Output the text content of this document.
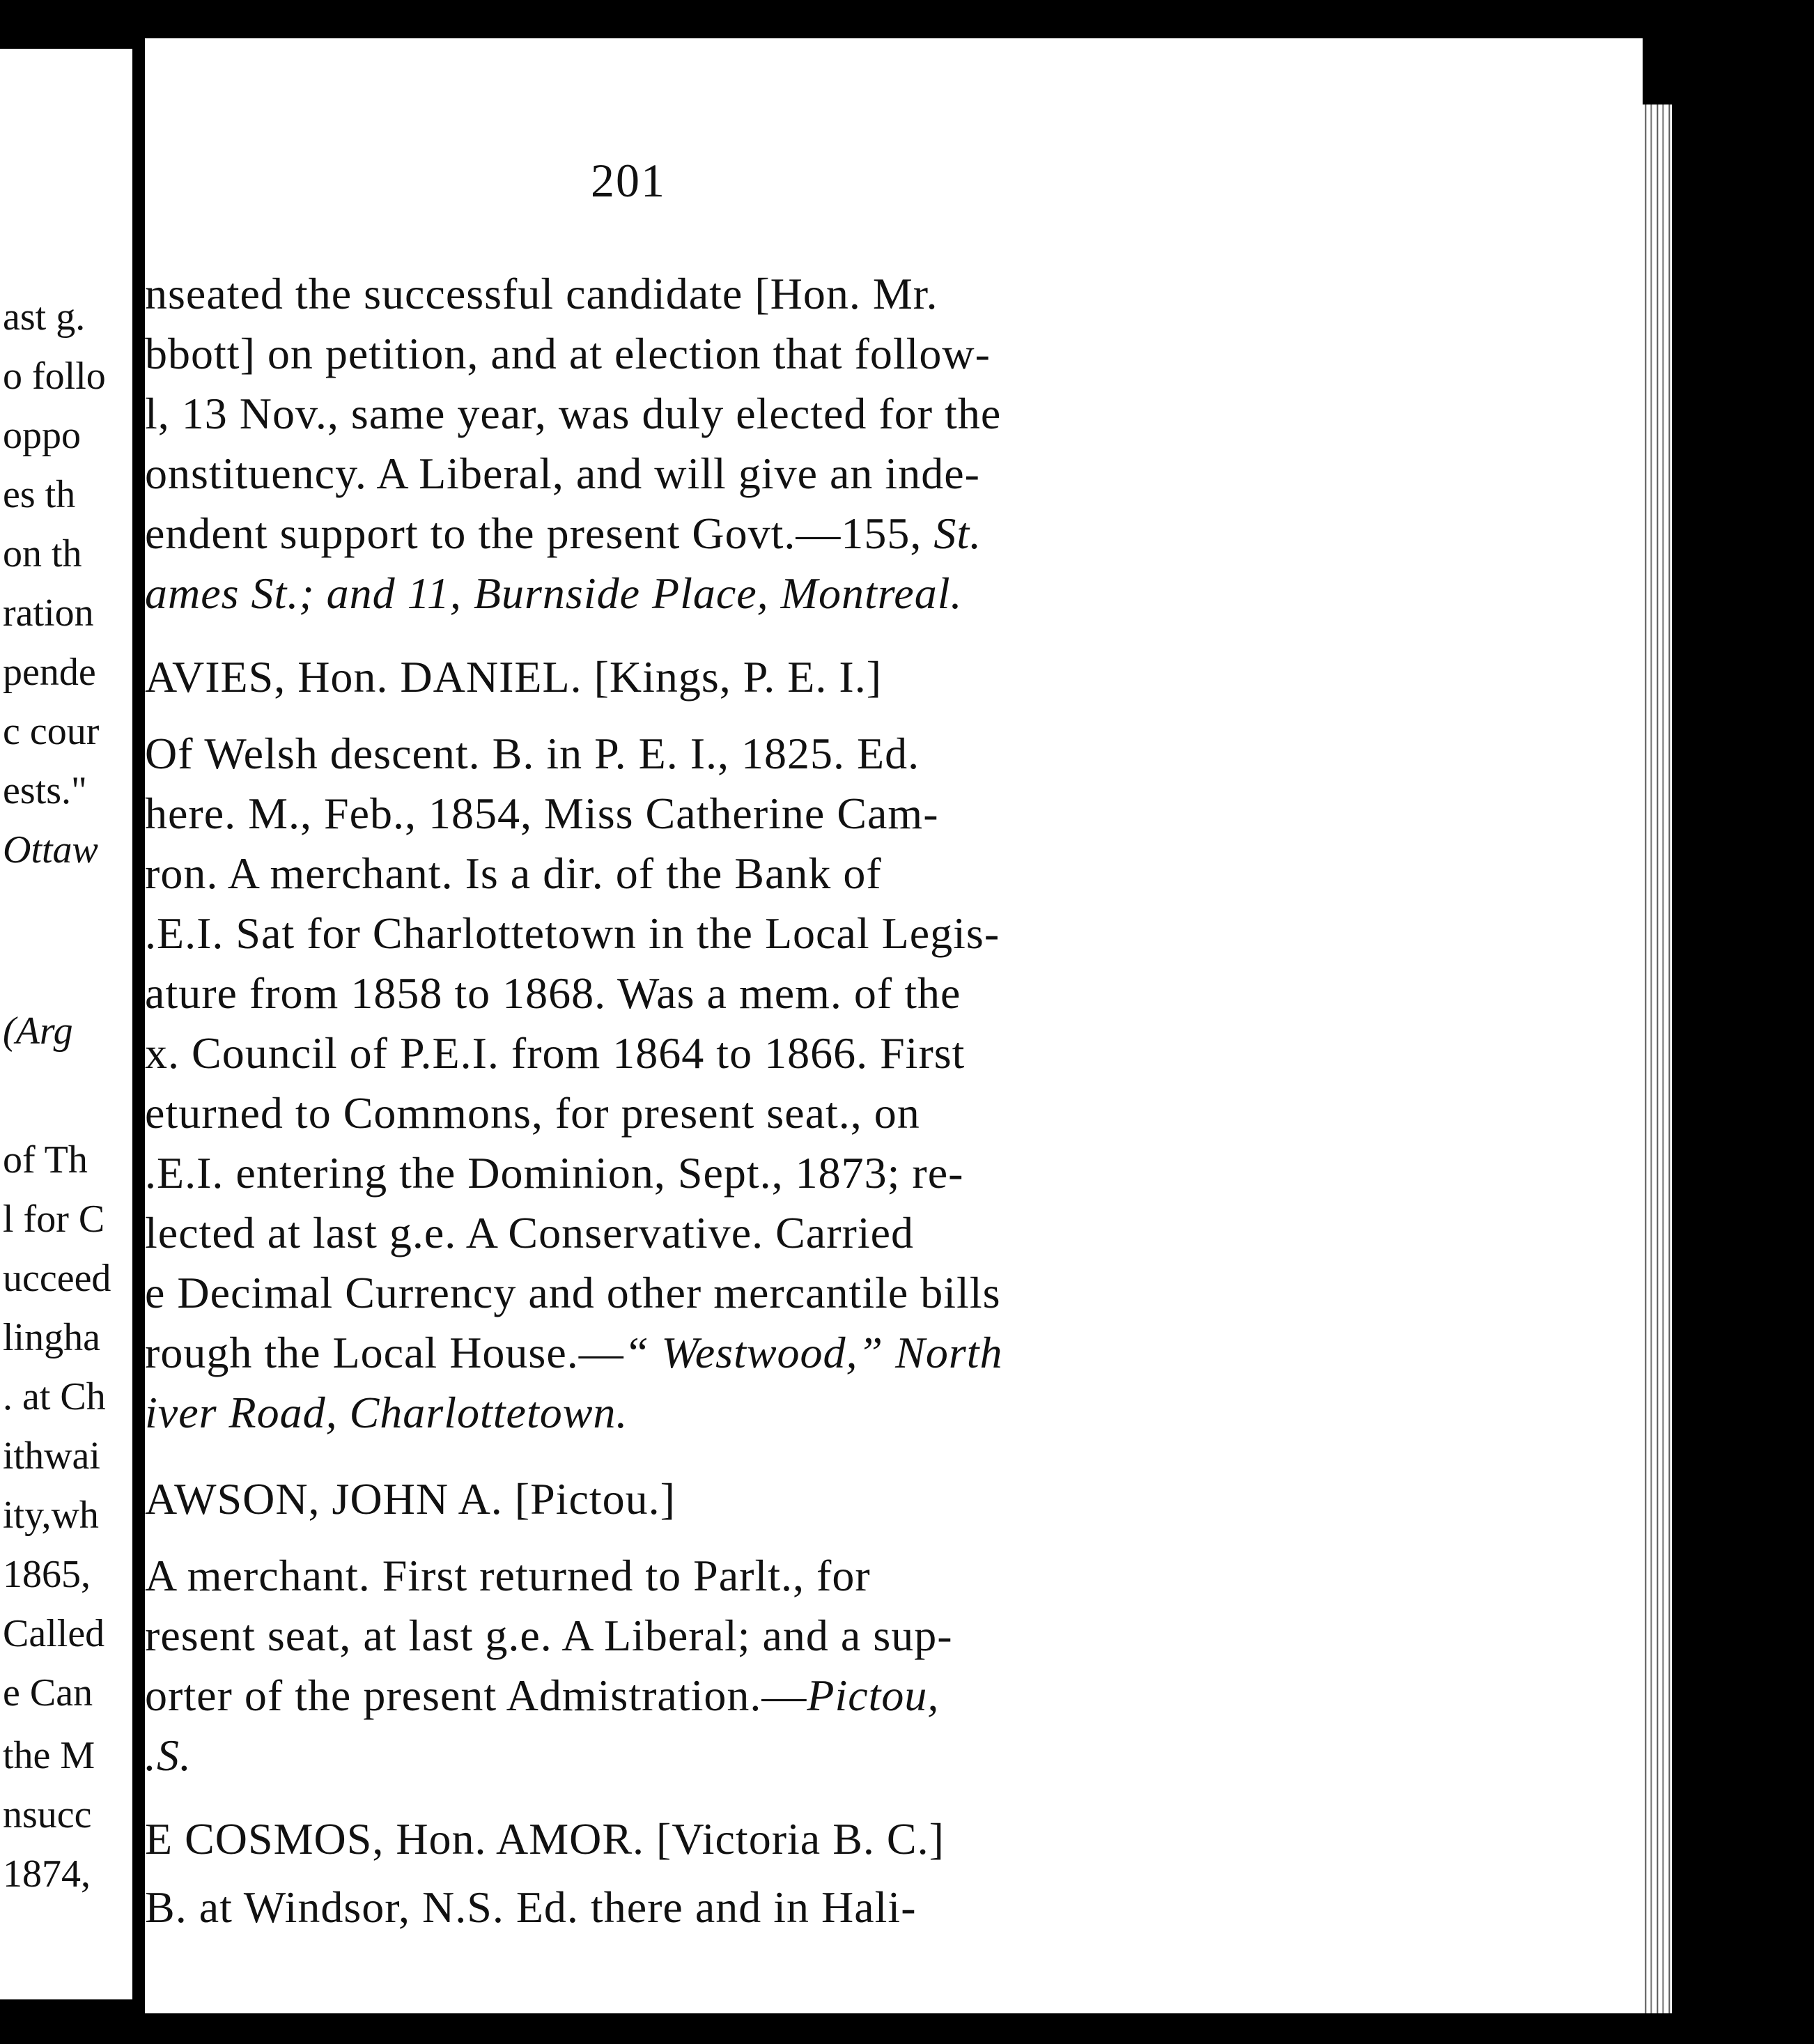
ast g.
o follo
oppo
es th
on th
ration
pende
c cour
ests."
Ottaw
(Arg
of Th
l for C
ucceed
lingha
. at Ch
ithwai
ity,wh
1865,
Called
e Can
the M
nsucc
1874,
201
nseated the successful candidate [Hon. Mr.
bbott] on petition, and at election that follow-
l, 13 Nov., same year, was duly elected for the
onstituency. A Liberal, and will give an inde-
endent support to the present Govt.—155, St.
ames St.; and 11, Burnside Place, Montreal.
AVIES, Hon. DANIEL. [Kings, P. E. I.]
Of Welsh descent. B. in P. E. I., 1825. Ed.
here. M., Feb., 1854, Miss Catherine Cam-
ron. A merchant. Is a dir. of the Bank of
.E.I. Sat for Charlottetown in the Local Legis-
ature from 1858 to 1868. Was a mem. of the
x. Council of P.E.I. from 1864 to 1866. First
eturned to Commons, for present seat., on
.E.I. entering the Dominion, Sept., 1873; re-
lected at last g.e. A Conservative. Carried
e Decimal Currency and other mercantile bills
rough the Local House.—“ Westwood,” North
iver Road, Charlottetown.
AWSON, JOHN A. [Pictou.]
A merchant. First returned to Parlt., for
resent seat, at last g.e. A Liberal; and a sup-
orter of the present Admistration.—Pictou,
.S.
E COSMOS, Hon. AMOR. [Victoria B. C.]
B. at Windsor, N.S. Ed. there and in Hali-
